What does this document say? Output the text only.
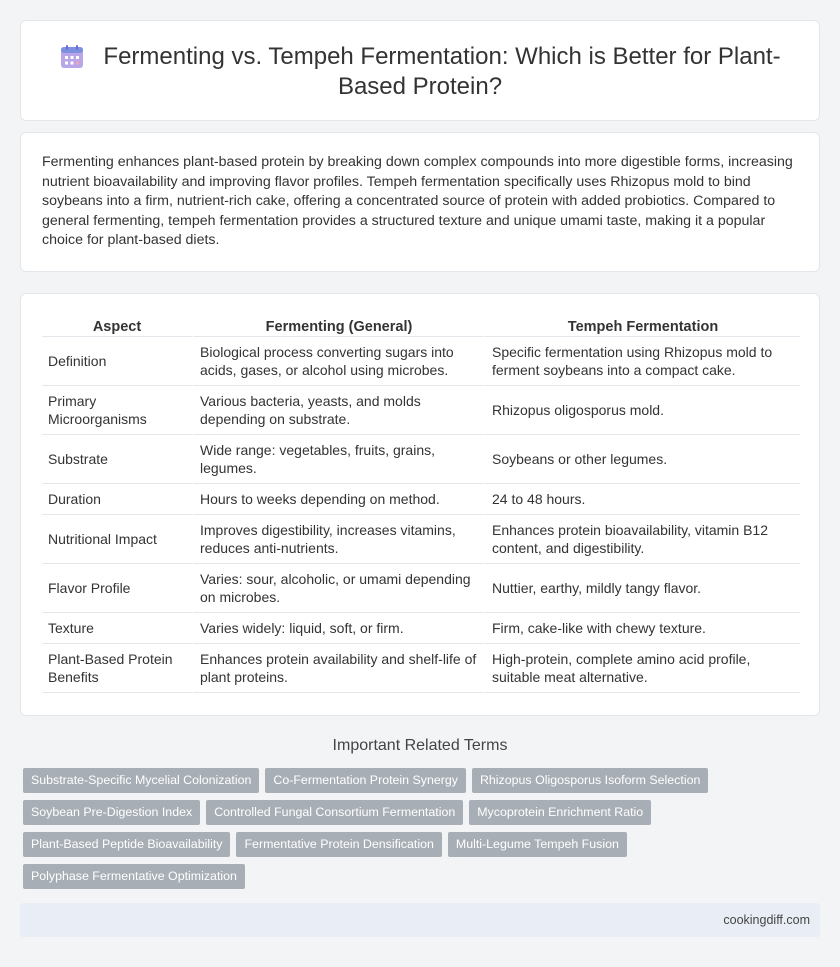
Fermenting vs. Tempeh Fermentation: Which is Better for Plant-Based Protein?

Fermenting enhances plant-based protein by breaking down complex compounds into more digestible forms, increasing nutrient bioavailability and improving flavor profiles. Tempeh fermentation specifically uses Rhizopus mold to bind soybeans into a firm, nutrient-rich cake, offering a concentrated source of protein with added probiotics. Compared to general fermenting, tempeh fermentation provides a structured texture and unique umami taste, making it a popular choice for plant-based diets.

Aspect	Fermenting (General)	Tempeh Fermentation
Definition	Biological process converting sugars into acids, gases, or alcohol using microbes.	Specific fermentation using Rhizopus mold to ferment soybeans into a compact cake.
Primary Microorganisms	Various bacteria, yeasts, and molds depending on substrate.	Rhizopus oligosporus mold.
Substrate	Wide range: vegetables, fruits, grains, legumes.	Soybeans or other legumes.
Duration	Hours to weeks depending on method.	24 to 48 hours.
Nutritional Impact	Improves digestibility, increases vitamins, reduces anti-nutrients.	Enhances protein bioavailability, vitamin B12 content, and digestibility.
Flavor Profile	Varies: sour, alcoholic, or umami depending on microbes.	Nuttier, earthy, mildly tangy flavor.
Texture	Varies widely: liquid, soft, or firm.	Firm, cake-like with chewy texture.
Plant-Based Protein Benefits	Enhances protein availability and shelf-life of plant proteins.	High-protein, complete amino acid profile, suitable meat alternative.
Important Related Terms
Substrate-Specific Mycelial Colonization	Co-Fermentation Protein Synergy	Rhizopus Oligosporus Isoform Selection
Soybean Pre-Digestion Index	Controlled Fungal Consortium Fermentation	Mycoprotein Enrichment Ratio
Plant-Based Peptide Bioavailability	Fermentative Protein Densification	Multi-Legume Tempeh Fusion
Polyphase Fermentative Optimization
cookingdiff.com
